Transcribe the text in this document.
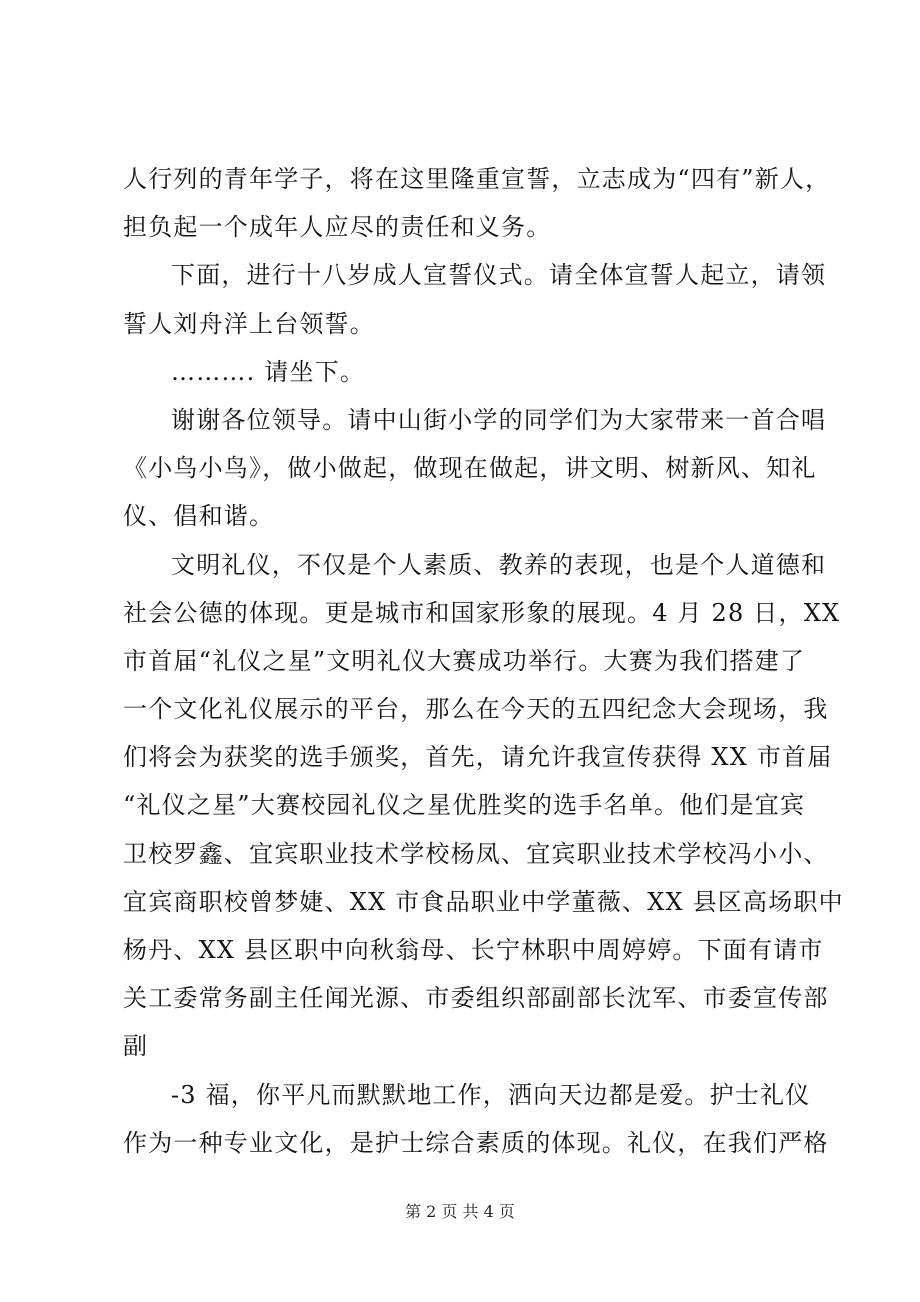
人行列的青年学子，将在这里隆重宣誓，立志成为“四有”新人，
担负起一个成年人应尽的责任和义务。
下面，进行十八岁成人宣誓仪式。请全体宣誓人起立，请领
誓人刘舟洋上台领誓。
………. 请坐下。
谢谢各位领导。请中山街小学的同学们为大家带来一首合唱
《小鸟小鸟》，做小做起，做现在做起，讲文明、树新风、知礼
仪、倡和谐。
文明礼仪，不仅是个人素质、教养的表现，也是个人道德和
社会公德的体现。更是城市和国家形象的展现。4 月 28 日，XX
市首届“礼仪之星”文明礼仪大赛成功举行。大赛为我们搭建了
一个文化礼仪展示的平台，那么在今天的五四纪念大会现场，我
们将会为获奖的选手颁奖，首先，请允许我宣传获得 XX 市首届
“礼仪之星”大赛校园礼仪之星优胜奖的选手名单。他们是宜宾
卫校罗鑫、宜宾职业技术学校杨凤、宜宾职业技术学校冯小小、
宜宾商职校曾梦婕、XX 市食品职业中学董薇、XX 县区高场职中
杨丹、XX 县区职中向秋翁母、长宁林职中周婷婷。下面有请市
关工委常务副主任闻光源、市委组织部副部长沈军、市委宣传部
副
-3 福，你平凡而默默地工作，洒向天边都是爱。护士礼仪
作为一种专业文化，是护士综合素质的体现。礼仪，在我们严格
第 2 页 共 4 页
